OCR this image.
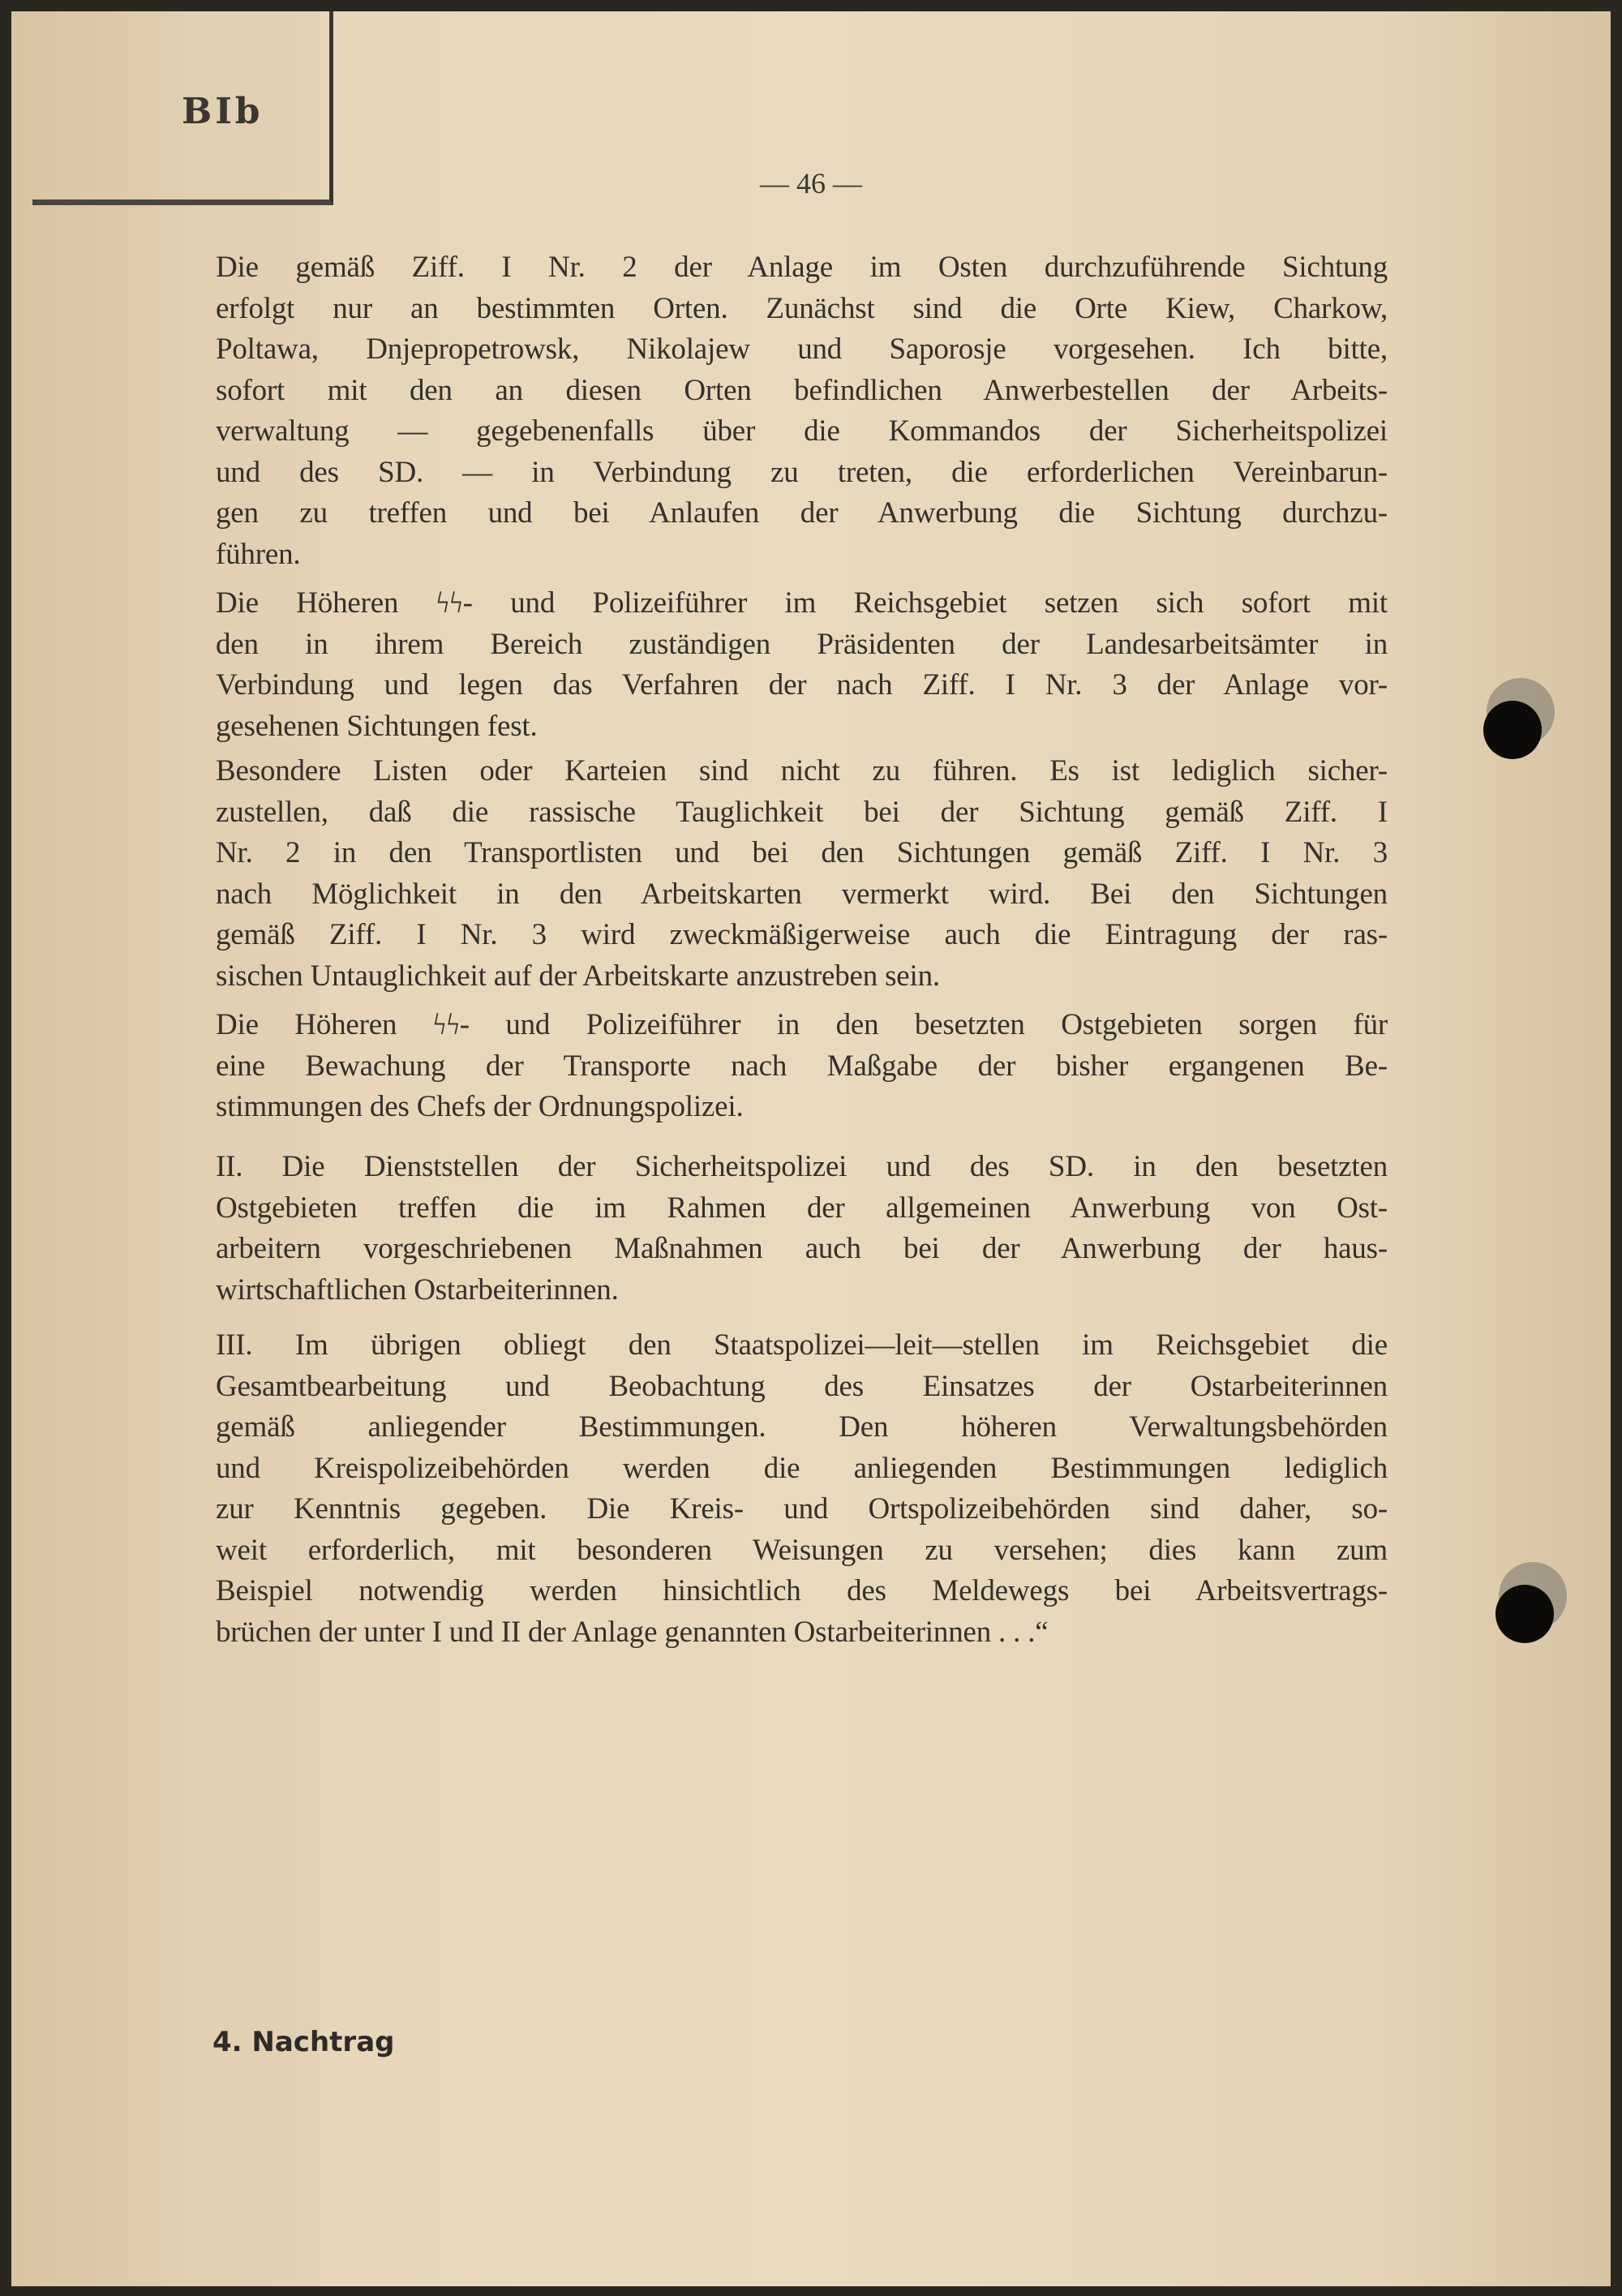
BIb
— 46 —
Die gemäß Ziff. I Nr. 2 der Anlage im Osten durchzuführende Sichtung
erfolgt nur an bestimmten Orten. Zunächst sind die Orte Kiew, Charkow,
Poltawa, Dnjepropetrowsk, Nikolajew und Saporosje vorgesehen. Ich bitte,
sofort mit den an diesen Orten befindlichen Anwerbestellen der Arbeits-
verwaltung — gegebenenfalls über die Kommandos der Sicherheitspolizei
und des SD. — in Verbindung zu treten, die erforderlichen Vereinbarun-
gen zu treffen und bei Anlaufen der Anwerbung die Sichtung durchzu-
führen.
Die Höheren ϟϟ- und Polizeiführer im Reichsgebiet setzen sich sofort mit
den in ihrem Bereich zuständigen Präsidenten der Landesarbeitsämter in
Verbindung und legen das Verfahren der nach Ziff. I Nr. 3 der Anlage vor-
gesehenen Sichtungen fest.
Besondere Listen oder Karteien sind nicht zu führen. Es ist lediglich sicher-
zustellen, daß die rassische Tauglichkeit bei der Sichtung gemäß Ziff. I
Nr. 2 in den Transportlisten und bei den Sichtungen gemäß Ziff. I Nr. 3
nach Möglichkeit in den Arbeitskarten vermerkt wird. Bei den Sichtungen
gemäß Ziff. I Nr. 3 wird zweckmäßigerweise auch die Eintragung der ras-
sischen Untauglichkeit auf der Arbeitskarte anzustreben sein.
Die Höheren ϟϟ- und Polizeiführer in den besetzten Ostgebieten sorgen für
eine Bewachung der Transporte nach Maßgabe der bisher ergangenen Be-
stimmungen des Chefs der Ordnungspolizei.
II. Die Dienststellen der Sicherheitspolizei und des SD. in den besetzten
Ostgebieten treffen die im Rahmen der allgemeinen Anwerbung von Ost-
arbeitern vorgeschriebenen Maßnahmen auch bei der Anwerbung der haus-
wirtschaftlichen Ostarbeiterinnen.
III. Im übrigen obliegt den Staatspolizei—leit—stellen im Reichsgebiet die
Gesamtbearbeitung und Beobachtung des Einsatzes der Ostarbeiterinnen
gemäß anliegender Bestimmungen. Den höheren Verwaltungsbehörden
und Kreispolizeibehörden werden die anliegenden Bestimmungen lediglich
zur Kenntnis gegeben. Die Kreis- und Ortspolizeibehörden sind daher, so-
weit erforderlich, mit besonderen Weisungen zu versehen; dies kann zum
Beispiel notwendig werden hinsichtlich des Meldewegs bei Arbeitsvertrags-
brüchen der unter I und II der Anlage genannten Ostarbeiterinnen . . .“
4. Nachtrag
